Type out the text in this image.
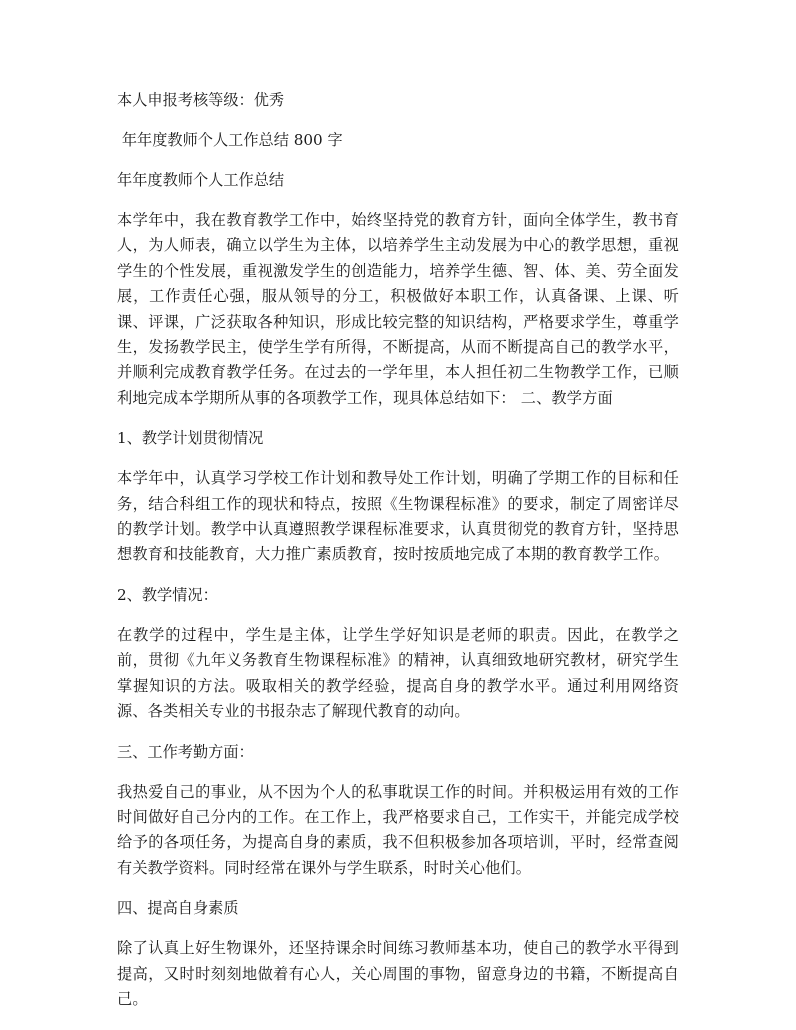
本人申报考核等级：优秀

年年度教师个人工作总结 800 字

年年度教师个人工作总结

本学年中，我在教育教学工作中，始终坚持党的教育方针，面向全体学生，教书育人，为人师表，确立以学生为主体，以培养学生主动发展为中心的教学思想，重视学生的个性发展，重视激发学生的创造能力，培养学生德、智、体、美、劳全面发展，工作责任心强，服从领导的分工，积极做好本职工作，认真备课、上课、听课、评课，广泛获取各种知识，形成比较完整的知识结构，严格要求学生，尊重学生，发扬教学民主，使学生学有所得，不断提高，从而不断提高自己的教学水平，并顺利完成教育教学任务。在过去的一学年里，本人担任初二生物教学工作，已顺利地完成本学期所从事的各项教学工作，现具体总结如下： 二、教学方面

1、教学计划贯彻情况

本学年中，认真学习学校工作计划和教导处工作计划，明确了学期工作的目标和任务，结合科组工作的现状和特点，按照《生物课程标准》的要求，制定了周密详尽的教学计划。教学中认真遵照教学课程标准要求，认真贯彻党的教育方针，坚持思想教育和技能教育，大力推广素质教育，按时按质地完成了本期的教育教学工作。

2、教学情况：

在教学的过程中，学生是主体，让学生学好知识是老师的职责。因此，在教学之前，贯彻《九年义务教育生物课程标准》的精神，认真细致地研究教材，研究学生掌握知识的方法。吸取相关的教学经验，提高自身的教学水平。通过利用网络资源、各类相关专业的书报杂志了解现代教育的动向。

三、工作考勤方面：

我热爱自己的事业，从不因为个人的私事耽误工作的时间。并积极运用有效的工作时间做好自己分内的工作。在工作上，我严格要求自己，工作实干，并能完成学校给予的各项任务，为提高自身的素质，我不但积极参加各项培训，平时，经常查阅有关教学资料。同时经常在课外与学生联系，时时关心他们。

四、提高自身素质

除了认真上好生物课外，还坚持课余时间练习教师基本功，使自己的教学水平得到提高，又时时刻刻地做着有心人，关心周围的事物，留意身边的书籍，不断提高自己。
